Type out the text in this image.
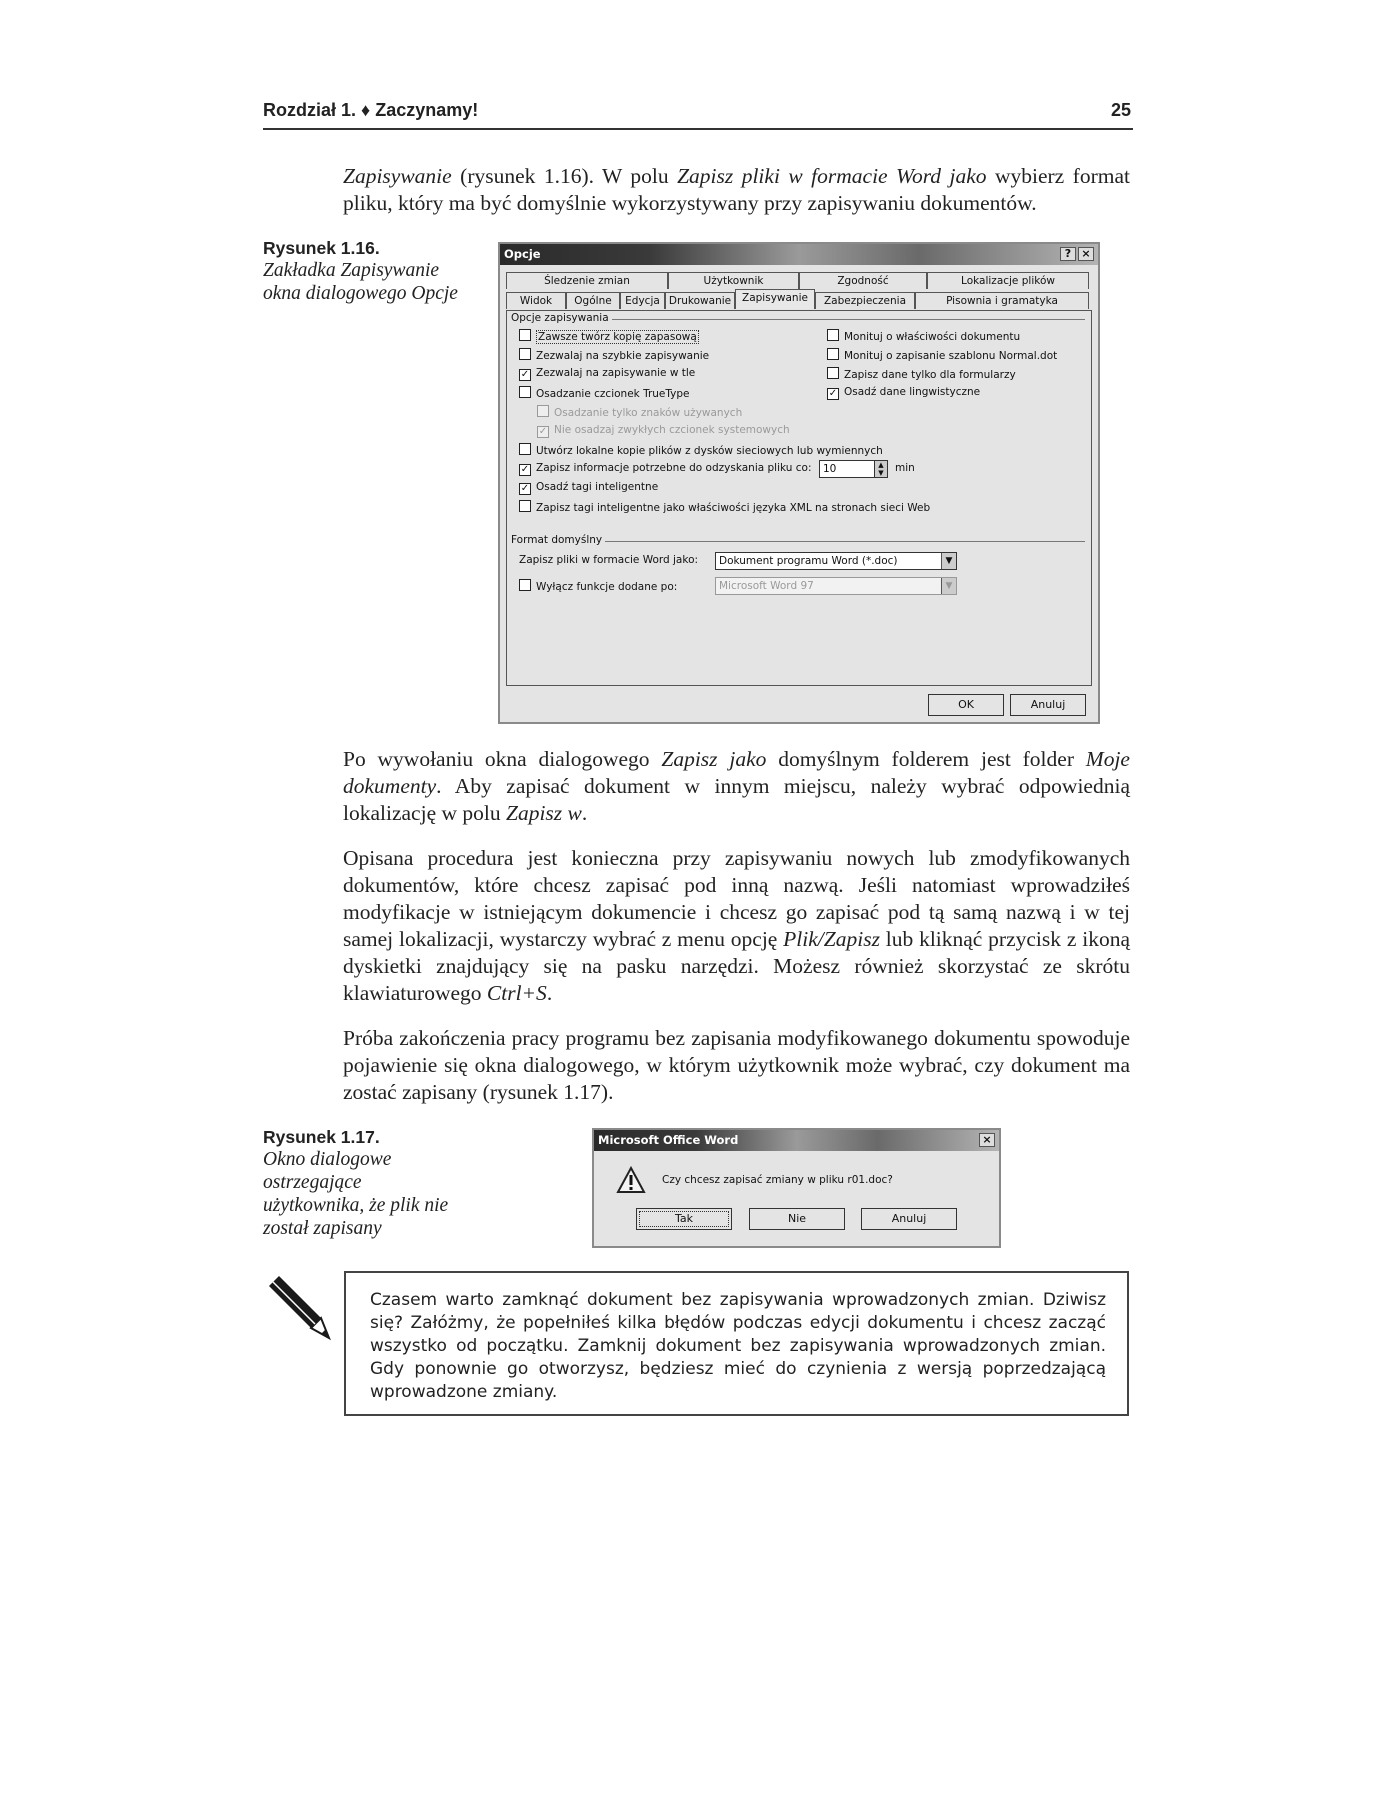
Rozdział 1. ♦ Zaczynamy!	25
Zapisywanie (rysunek 1.16). W polu Zapisz pliki w formacie Word jako wybierz format pliku, który ma być domyślnie wykorzystywany przy zapisywaniu dokumentów.
Rysunek 1.16.
Zakładka Zapisywanie okna dialogowego Opcje
Opcje	? ×
Śledzenie zmian	Użytkownik	Zgodność	Lokalizacje plików
Widok	Ogólne	Edycja Drukowanie	Zapisywanie	Zabezpieczenia	Pisownia i gramatyka
Opcje zapisywania
Zawsze twórz kopię zapasową
Zezwalaj na szybkie zapisywanie
✓ Zezwalaj na zapisywanie w tle
Osadzanie czcionek TrueType
Osadzanie tylko znaków używanych
✓ Nie osadzaj zwykłych czcionek systemowych
Utwórz lokalne kopie plików z dysków sieciowych lub wymiennych
✓ Zapisz informacje potrzebne do odzyskania pliku co:
✓ Osadź tagi inteligentne
Zapisz tagi inteligentne jako właściwości języka XML na stronach sieci Web
10	▲
▼	min
Monituj o właściwości dokumentu
Monituj o zapisanie szablonu Normal.dot
Zapisz dane tylko dla formularzy
✓ Osadź dane lingwistyczne
Format domyślny
Zapisz pliki w formacie Word jako:	Dokument programu Word (*.doc)	▼
Wyłącz funkcje dodane po:	Microsoft Word 97	▼
OK	Anuluj
Po wywołaniu okna dialogowego Zapisz jako domyślnym folderem jest folder Moje dokumenty. Aby zapisać dokument w innym miejscu, należy wybrać odpowiednią lokalizację w polu Zapisz w.
Opisana procedura jest konieczna przy zapisywaniu nowych lub zmodyfikowanych dokumentów, które chcesz zapisać pod inną nazwą. Jeśli natomiast wprowadziłeś modyfikacje w istniejącym dokumencie i chcesz go zapisać pod tą samą nazwą i w tej samej lokalizacji, wystarczy wybrać z menu opcję Plik/Zapisz lub kliknąć przycisk z ikoną dyskietki znajdujący się na pasku narzędzi. Możesz również skorzystać ze skrótu klawiaturowego Ctrl+S.
Próba zakończenia pracy programu bez zapisania modyfikowanego dokumentu spowoduje pojawienie się okna dialogowego, w którym użytkownik może wybrać, czy dokument ma zostać zapisany (rysunek 1.17).
Rysunek 1.17.
Okno dialogowe ostrzegające użytkownika, że plik nie został zapisany
Microsoft Office Word	×
Czy chcesz zapisać zmiany w pliku r01.doc?
Tak	Nie	Anuluj
Czasem warto zamknąć dokument bez zapisywania wprowadzonych zmian. Dziwisz się? Załóżmy, że popełniłeś kilka błędów podczas edycji dokumentu i chcesz zacząć wszystko od początku. Zamknij dokument bez zapisywania wprowadzonych zmian. Gdy ponownie go otworzysz, będziesz mieć do czynienia z wersją poprzedzającą wprowadzone zmiany.
